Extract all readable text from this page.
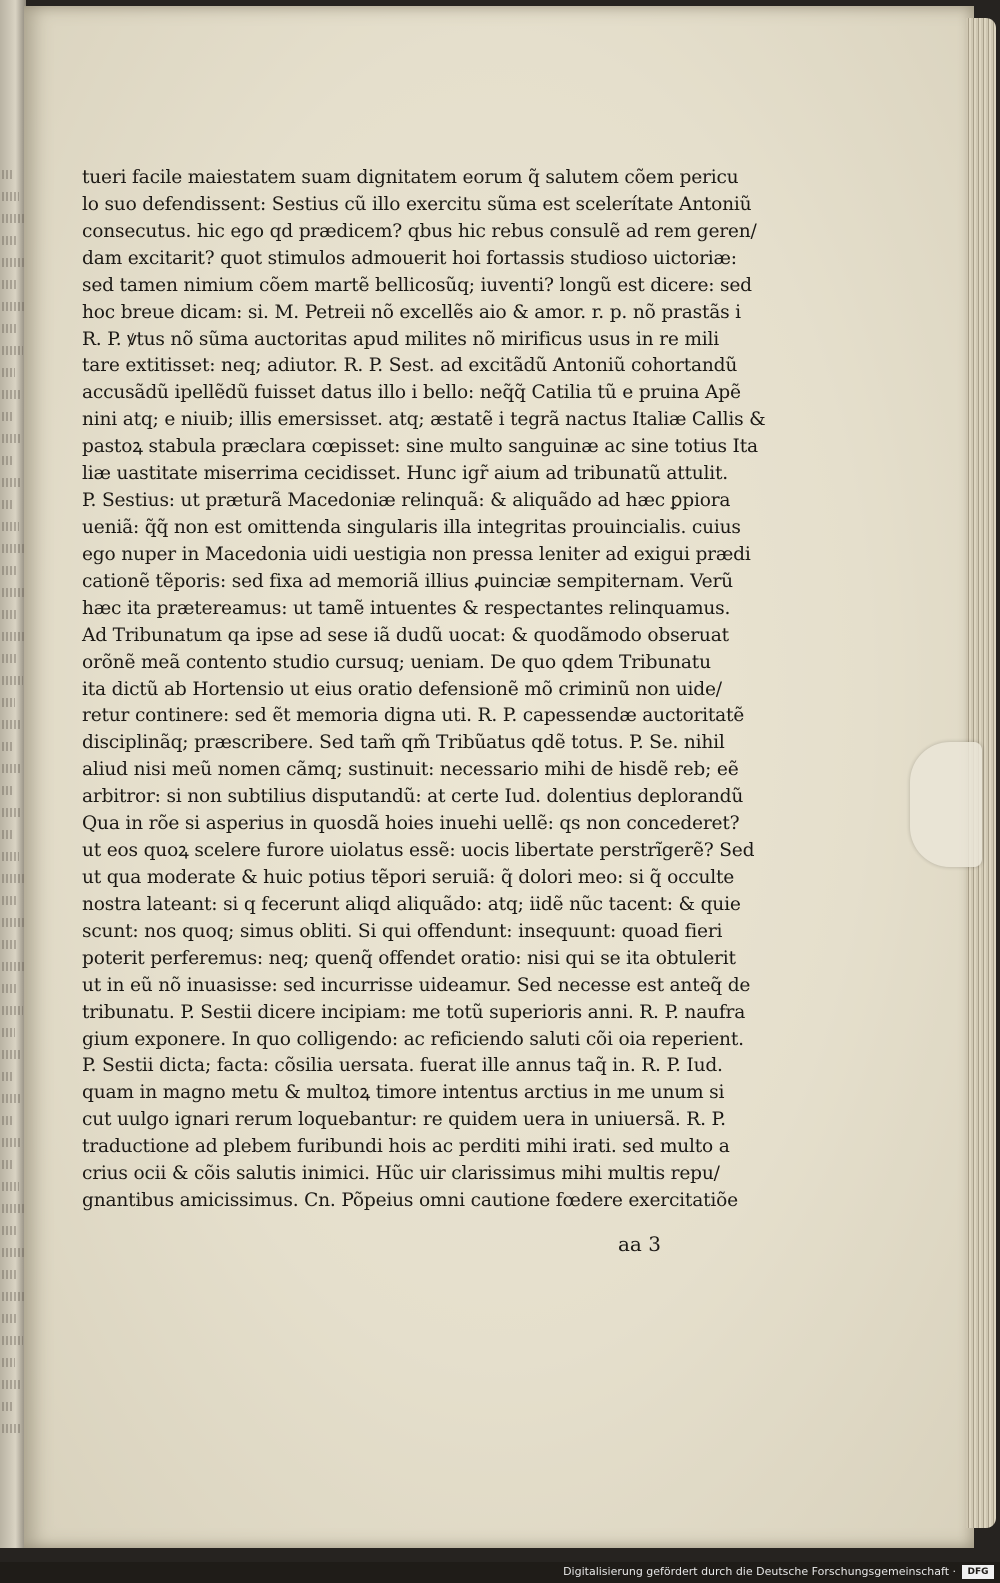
tueri facile maiestatem suam dignitatem eorum q̃ salutem cõem pericu
lo suo defendissent: Sestius cũ illo exercitu sũma est scelerítate Antoniũ
consecutus. hic ego qd prædicem? qbus hic rebus consulẽ ad rem geren/
dam excitarit? quot stimulos admouerit hoi fortassis studioso uictoriæ:
sed tamen nimium cõem martẽ bellicosũq; iuventi? longũ est dicere: sed
hoc breue dicam: si. M. Petreii nõ excellẽs aio & amor. r. p. nõ prastãs i
R. P. ꝟtus nõ sũma auctoritas apud milites nõ mirificus usus in re mili
tare extitisset: neq; adiutor. R. P. Sest. ad excitãdũ Antoniũ cohortandũ
accusãdũ ipellẽdũ fuisset datus illo i bello: neq̃q̃ Catilia tũ e pruina Apẽ
nini atq; e niuib; illis emersisset. atq; æstatẽ i tegrã nactus Italiæ Callis &
pastoꝝ stabula præclara cœpisset: sine multo sanguinæ ac sine totius Ita
liæ uastitate miserrima cecidisset. Hunc igr̃ aium ad tribunatũ attulit.
P. Sestius: ut præturã Macedoniæ relinquã: & aliquãdo ad hæc ꝑpiora
ueniã: q̃q̃ non est omittenda singularis illa integritas prouincialis. cuius
ego nuper in Macedonia uidi uestigia non pressa leniter ad exigui prædi
cationẽ tẽporis: sed fixa ad memoriã illius ꝓuinciæ sempiternam. Verũ
hæc ita prætereamus: ut tamẽ intuentes & respectantes relinquamus.
Ad Tribunatum qa ipse ad sese iã dudũ uocat: & quodãmodo obseruat
orõnẽ meã contento studio cursuq; ueniam. De quo qdem Tribunatu
ita dictũ ab Hortensio ut eius oratio defensionẽ mõ criminũ non uide/
retur continere: sed ẽt memoria digna uti. R. P. capessendæ auctoritatẽ
disciplinãq; præscribere. Sed tam̃ qm̃ Tribũatus qdẽ totus. P. Se. nihil
aliud nisi meũ nomen cãmq; sustinuit: necessario mihi de hisdẽ reb; eẽ
arbitror: si non subtilius disputandũ: at certe Iud. dolentius deplorandũ
Qua in rõe si asperius in quosdã hoies inuehi uellẽ: qs non concederet?
ut eos quoꝝ scelere furore uiolatus essẽ: uocis libertate perstrĩgerẽ? Sed
ut qua moderate & huic potius tẽpori seruiã: q̃ dolori meo: si q̃ occulte
nostra lateant: si q fecerunt aliqd aliquãdo: atq; iidẽ nũc tacent: & quie
scunt: nos quoq; simus obliti. Si qui offendunt: insequunt: quoad fieri
poterit perferemus: neq; quenq̃ offendet oratio: nisi qui se ita obtulerit
ut in eũ nõ inuasisse: sed incurrisse uideamur. Sed necesse est anteq̃ de
tribunatu. P. Sestii dicere incipiam: me totũ superioris anni. R. P. naufra
gium exponere. In quo colligendo: ac reficiendo saluti cõi oia reperient.
P. Sestii dicta; facta: cõsilia uersata. fuerat ille annus taq̃ in. R. P. Iud.
quam in magno metu & multoꝝ timore intentus arctius in me unum si
cut uulgo ignari rerum loquebantur: re quidem uera in uniuersã. R. P.
traductione ad plebem furibundi hois ac perditi mihi irati. sed multo a
crius ocii & cõis salutis inimici. Hũc uir clarissimus mihi multis repu/
gnantibus amicissimus. Cn. Põpeius omni cautione fœdere exercitatiõe
aa 3
Digitalisierung gefördert durch die Deutsche Forschungsgemeinschaft ·	DFG
